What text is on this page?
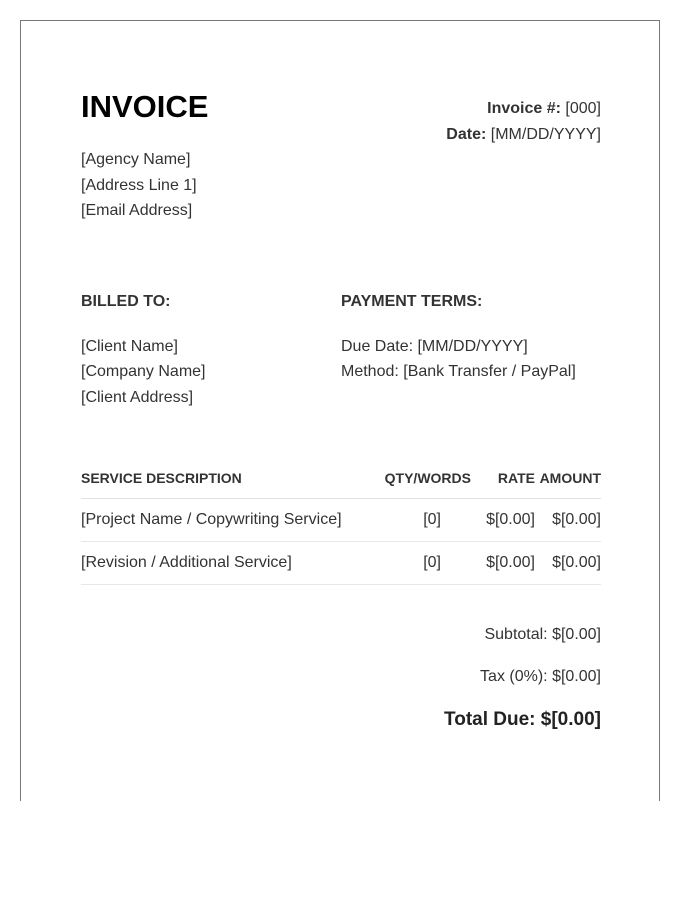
INVOICE
[Agency Name]
[Address Line 1]
[Email Address]
Invoice #: [000]
Date: [MM/DD/YYYY]
BILLED TO:
[Client Name]
[Company Name]
[Client Address]
PAYMENT TERMS:
Due Date: [MM/DD/YYYY]
Method: [Bank Transfer / PayPal]
SERVICE DESCRIPTION	QTY/WORDS	RATE	AMOUNT
[Project Name / Copywriting Service]	[0]	$[0.00]	$[0.00]
[Revision / Additional Service]	[0]	$[0.00]	$[0.00]
Subtotal: $[0.00]
Tax (0%): $[0.00]
Total Due: $[0.00]
